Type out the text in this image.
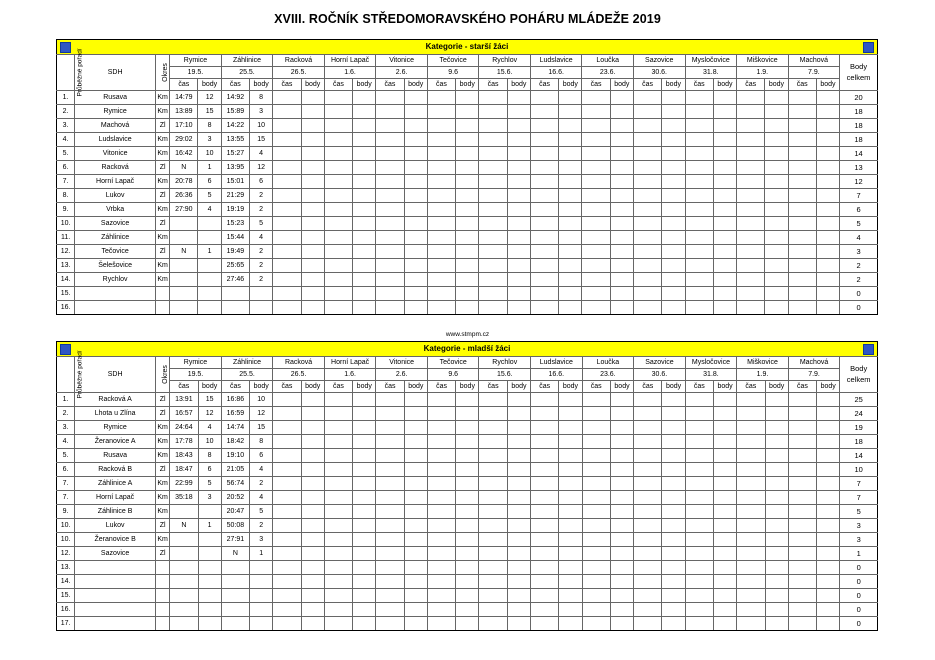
XVIII. ROČNÍK STŘEDOMORAVSKÉHO POHÁRU MLÁDEŽE 2019
Kategorie - starší žáci																													

Průběžné pořadí	SDH	Okres	Rymice		Záhlinice		Racková		Horní Lapač		Vitonice		Tečovice		Rychlov		Ludslavice		Loučka		Sazovice		Mysločovice		Miškovice		Machová		Body celkem
			19.5.		25.5.		26.5.		1.6.		2.6.		9.6		15.6.		16.6.		23.6.		30.6.		31.8.		1.9.		7.9.		
			čas	body	čas	body	čas	body	čas	body	čas	body	čas	body	čas	body	čas	body	čas	body	čas	body	čas	body	čas	body	čas	body	
1.	Rusava	Km	14:79	12	14:92	8																							20
2.	Rymice	Km	13:89	15	15:89	3																							18
3.	Machová	Zl	17:10	8	14:22	10																							18
4.	Ludslavice	Km	29:02	3	13:55	15																							18
5.	Vitonice	Km	16:42	10	15:27	4																							14
6.	Racková	Zl	N	1	13:95	12																							13
7.	Horní Lapač	Km	20:78	6	15:01	6																							12
8.	Lukov	Zl	26:36	5	21:29	2																							7
9.	Vrbka	Km	27:90	4	19:19	2																							6
10.	Sazovice	Zl			15:23	5																							5
11.	Záhlinice	Km			15:44	4																							4
12.	Tečovice	Zl	N	1	19:49	2																							3
13.	Šelešovice	Km			25:65	2																							2
14.	Rychlov	Km			27:46	2																							2
15.																													0
16.																													0
www.stmpm.cz
Kategorie - mladší žáci																													

Průběžné pořadí	SDH	Okres	Rymice		Záhlinice		Racková		Horní Lapač		Vitonice		Tečovice		Rychlov		Ludslavice		Loučka		Sazovice		Mysločovice		Miškovice		Machová		Body celkem
			19.5.		25.5.		26.5.		1.6.		2.6.		9.6		15.6.		16.6.		23.6.		30.6.		31.8.		1.9.		7.9.		
			čas	body	čas	body	čas	body	čas	body	čas	body	čas	body	čas	body	čas	body	čas	body	čas	body	čas	body	čas	body	čas	body	
1.	Racková A	Zl	13:91	15	16:86	10																							25
2.	Lhota u Zlína	Zl	16:57	12	16:59	12																							24
3.	Rymice	Km	24:64	4	14:74	15																							19
4.	Žeranovice A	Km	17:78	10	18:42	8																							18
5.	Rusava	Km	18:43	8	19:10	6																							14
6.	Racková B	Zl	18:47	6	21:05	4																							10
7.	Záhlinice A	Km	22:99	5	56:74	2																							7
7.	Horní Lapač	Km	35:18	3	20:52	4																							7
9.	Záhlinice B	Km			20:47	5																							5
10.	Lukov	Zl	N	1	50:08	2																							3
10.	Žeranovice B	Km			27:91	3																							3
12.	Sazovice	Zl			N	1																							1
13.																													0
14.																													0
15.																													0
16.																													0
17.																													0
